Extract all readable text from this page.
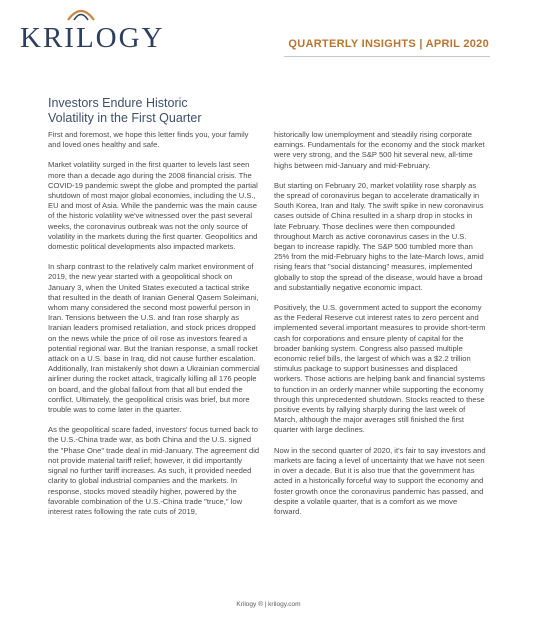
KRILOGY	QUARTERLY INSIGHTS | APRIL 2020
Investors Endure Historic
Volatility in the First Quarter

First and foremost, we hope this letter finds you, your family and loved ones healthy and safe.

Market volatility surged in the first quarter to levels last seen more than a decade ago during the 2008 financial crisis. The COVID-19 pandemic swept the globe and prompted the partial shutdown of most major global economies, including the U.S., EU and most of Asia. While the pandemic was the main cause of the historic volatility we've witnessed over the past several weeks, the coronavirus outbreak was not the only source of volatility in the markets during the first quarter. Geopolitics and domestic political developments also impacted markets.

In sharp contrast to the relatively calm market environment of 2019, the new year started with a geopolitical shock on January 3, when the United States executed a tactical strike that resulted in the death of Iranian General Qasem Soleimani, whom many considered the second most powerful person in Iran. Tensions between the U.S. and Iran rose sharply as Iranian leaders promised retaliation, and stock prices dropped on the news while the price of oil rose as investors feared a potential regional war. But the Iranian response, a small rocket attack on a U.S. base in Iraq, did not cause further escalation. Additionally, Iran mistakenly shot down a Ukrainian commercial airliner during the rocket attack, tragically killing all 176 people on board, and the global fallout from that all but ended the conflict. Ultimately, the geopolitical crisis was brief, but more trouble was to come later in the quarter.

As the geopolitical scare faded, investors' focus turned back to the U.S.-China trade war, as both China and the U.S. signed the "Phase One" trade deal in mid-January. The agreement did not provide material tariff relief; however, it did importantly signal no further tariff increases. As such, it provided needed clarity to global industrial companies and the markets. In response, stocks moved steadily higher, powered by the favorable combination of the U.S.-China trade "truce," low interest rates following the rate cuts of 2019,

historically low unemployment and steadily rising corporate earnings. Fundamentals for the economy and the stock market were very strong, and the S&P 500 hit several new, all-time highs between mid-January and mid-February.

But starting on February 20, market volatility rose sharply as the spread of coronavirus began to accelerate dramatically in South Korea, Iran and Italy. The swift spike in new coronavirus cases outside of China resulted in a sharp drop in stocks in late February. Those declines were then compounded throughout March as active coronavirus cases in the U.S. began to increase rapidly. The S&P 500 tumbled more than 25% from the mid-February highs to the late-March lows, amid rising fears that "social distancing" measures, implemented globally to stop the spread of the disease, would have a broad and substantially negative economic impact.

Positively, the U.S. government acted to support the economy as the Federal Reserve cut interest rates to zero percent and implemented several important measures to provide short-term cash for corporations and ensure plenty of capital for the broader banking system. Congress also passed multiple economic relief bills, the largest of which was a $2.2 trillion stimulus package to support businesses and displaced workers. Those actions are helping bank and financial systems to function in an orderly manner while supporting the economy through this unprecedented shutdown. Stocks reacted to these positive events by rallying sharply during the last week of March, although the major averages still finished the first quarter with large declines.

Now in the second quarter of 2020, it's fair to say investors and markets are facing a level of uncertainty that we have not seen in over a decade. But it is also true that the government has acted in a historically forceful way to support the economy and foster growth once the coronavirus pandemic has passed, and despite a volatile quarter, that is a comfort as we move forward.

Krilogy ® | krilogy.com
